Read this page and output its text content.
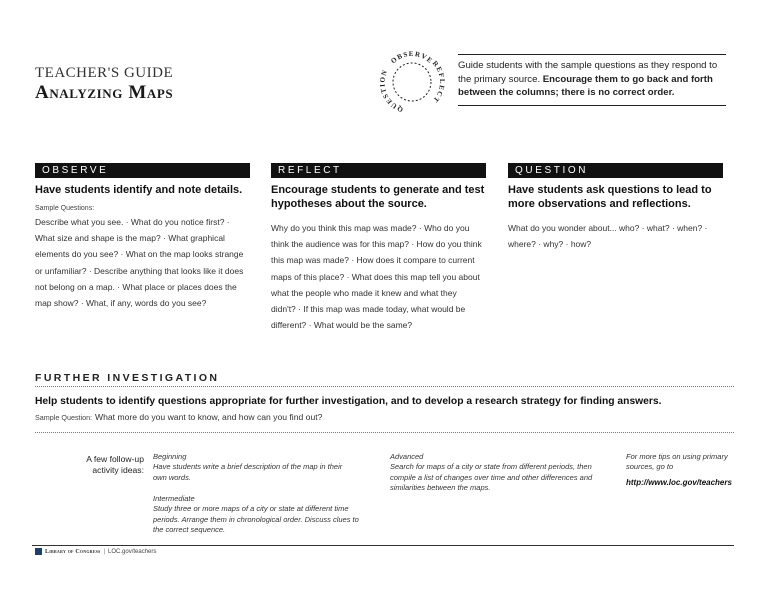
TEACHER'S GUIDE
Analyzing Maps
OBSERVE
REFLECT
QUESTION
Guide students with the sample questions as they respond to the primary source. Encourage them to go back and forth between the columns; there is no correct order.
OBSERVE
Have students identify and note details.
Sample Questions:
Describe what you see. · What do you notice first? · What size and shape is the map? · What graphical elements do you see? · What on the map looks strange or unfamiliar? · Describe anything that looks like it does not belong on a map. · What place or places does the map show? · What, if any, words do you see?
REFLECT
Encourage students to generate and test hypotheses about the source.
Why do you think this map was made? · Who do you think the audience was for this map? · How do you think this map was made? · How does it compare to current maps of this place? · What does this map tell you about what the people who made it knew and what they didn't? · If this map was made today, what would be different? · What would be the same?
QUESTION
Have students ask questions to lead to more observations and reflections.
What do you wonder about... who? · what? · when? · where? · why? · how?
FURTHER INVESTIGATION
Help students to identify questions appropriate for further investigation, and to develop a research strategy for finding answers.
Sample Question: What more do you want to know, and how can you find out?
A few follow-up activity ideas:
Beginning
Have students write a brief description of the map in their own words.
Intermediate
Study three or more maps of a city or state at different time periods. Arrange them in chronological order. Discuss clues to the correct sequence.
Advanced
Search for maps of a city or state from different periods, then compile a list of changes over time and other differences and similarities between the maps.
For more tips on using primary sources, go to
http://www.loc.gov/teachers
Library of Congress | LOC.gov/teachers
